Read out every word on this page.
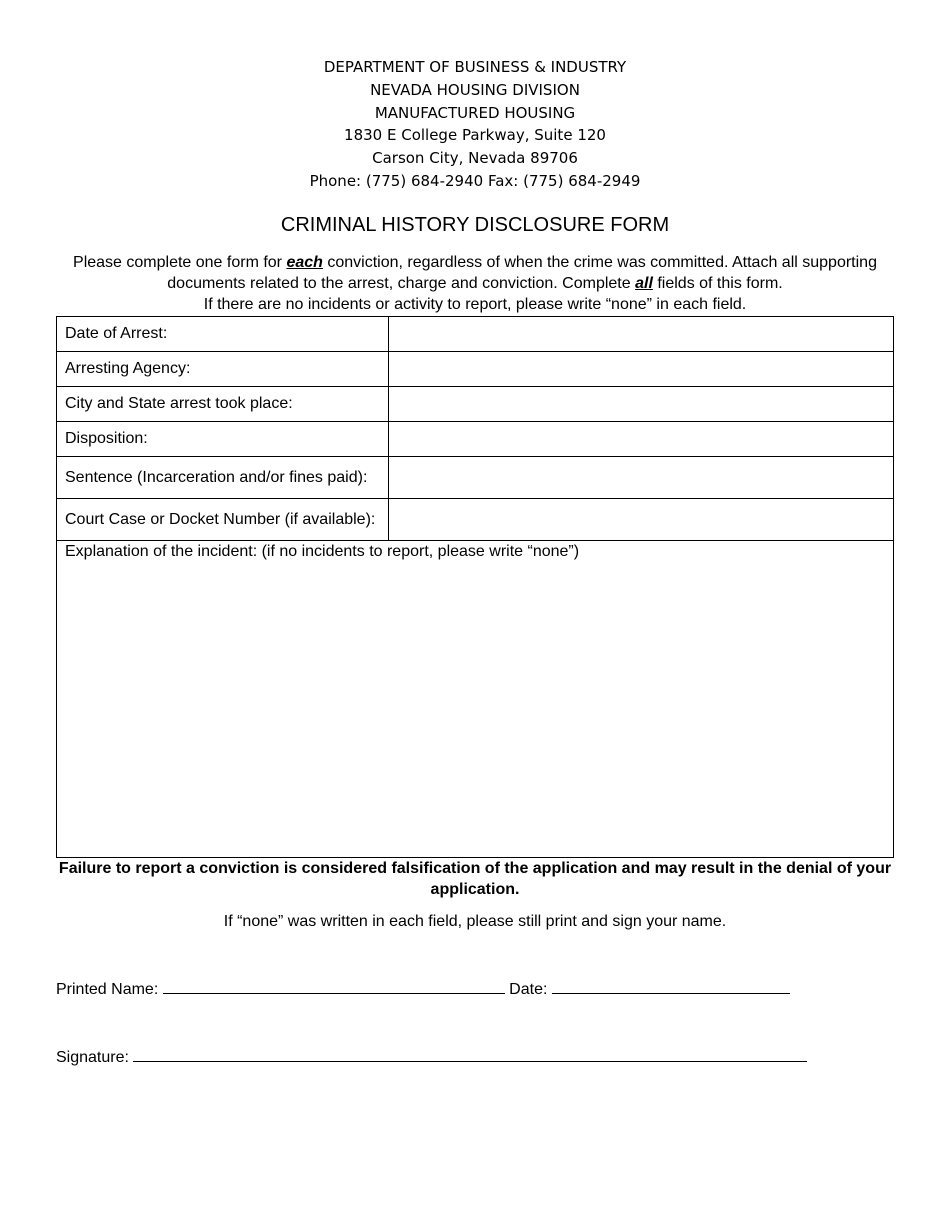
DEPARTMENT OF BUSINESS & INDUSTRY
NEVADA HOUSING DIVISION
MANUFACTURED HOUSING
1830 E College Parkway, Suite 120
Carson City, Nevada 89706
Phone: (775) 684-2940 Fax: (775) 684-2949
CRIMINAL HISTORY DISCLOSURE FORM
Please complete one form for each conviction, regardless of when the crime was committed. Attach all supporting documents related to the arrest, charge and conviction. Complete all fields of this form.
If there are no incidents or activity to report, please write “none” in each field.
Date of Arrest:	
Arresting Agency:	
City and State arrest took place:	
Disposition:	
Sentence (Incarceration and/or fines paid):	
Court Case or Docket Number (if available):	
Explanation of the incident: (if no incidents to report, please write “none”)	
Failure to report a conviction is considered falsification of the application and may result in the denial of your application.
If “none” was written in each field, please still print and sign your name.
Printed Name:	Date:
Signature:
